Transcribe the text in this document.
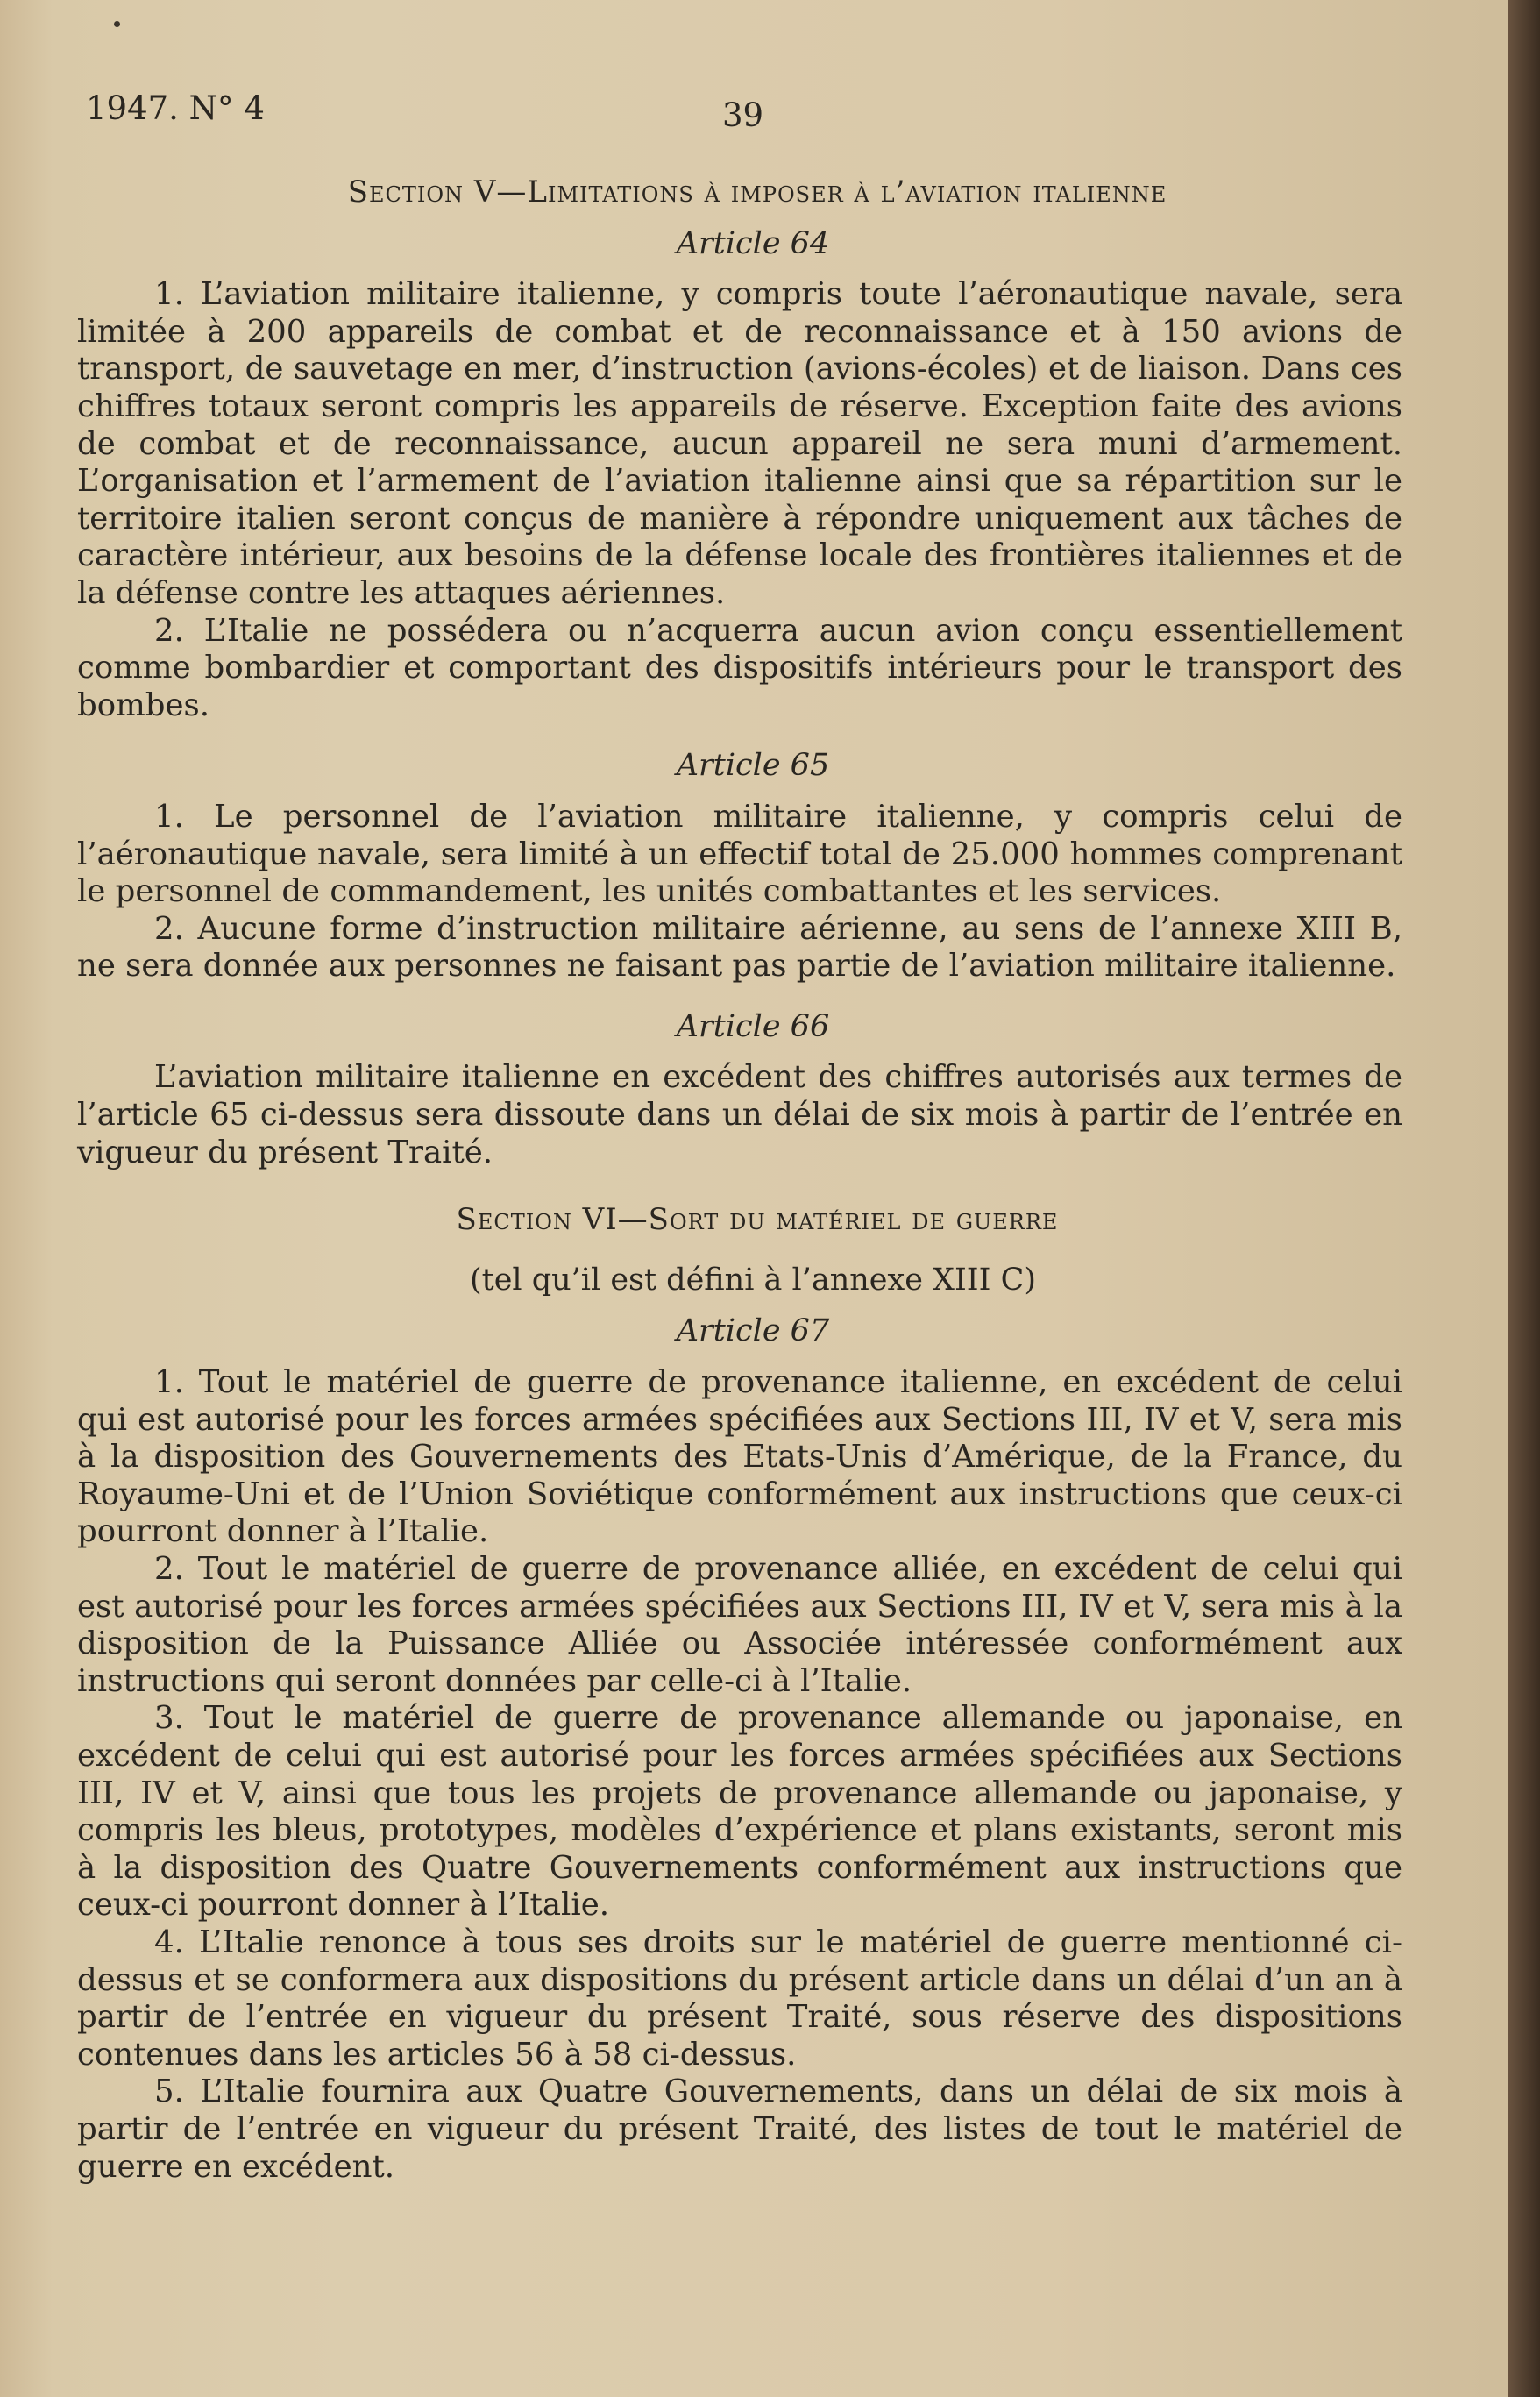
1947. N° 4	39

Section V—Limitations à imposer à l’aviation italienne

Article 64

1. L’aviation militaire italienne, y compris toute l’aéronautique navale, sera limitée à 200 appareils de combat et de reconnaissance et à 150 avions de transport, de sauvetage en mer, d’instruction (avions-écoles) et de liaison. Dans ces chiffres totaux seront compris les appareils de réserve. Exception faite des avions de combat et de reconnaissance, aucun appareil ne sera muni d’armement. L’organisation et l’armement de l’aviation italienne ainsi que sa répartition sur le territoire italien seront conçus de manière à répondre uniquement aux tâches de caractère intérieur, aux besoins de la défense locale des frontières italiennes et de la défense contre les attaques aériennes.

2. L’Italie ne possédera ou n’acquerra aucun avion conçu essentiellement comme bombardier et comportant des dispositifs intérieurs pour le transport des bombes.

Article 65

1. Le personnel de l’aviation militaire italienne, y compris celui de l’aéronautique navale, sera limité à un effectif total de 25.000 hommes comprenant le personnel de commandement, les unités combattantes et les services.

2. Aucune forme d’instruction militaire aérienne, au sens de l’annexe XIII B, ne sera donnée aux personnes ne faisant pas partie de l’aviation militaire italienne.

Article 66

L’aviation militaire italienne en excédent des chiffres autorisés aux termes de l’article 65 ci-dessus sera dissoute dans un délai de six mois à partir de l’entrée en vigueur du présent Traité.

Section VI—Sort du matériel de guerre

(tel qu’il est défini à l’annexe XIII C)

Article 67

1. Tout le matériel de guerre de provenance italienne, en excédent de celui qui est autorisé pour les forces armées spécifiées aux Sections III, IV et V, sera mis à la disposition des Gouvernements des Etats-Unis d’Amérique, de la France, du Royaume-Uni et de l’Union Soviétique conformément aux instructions que ceux-ci pourront donner à l’Italie.

2. Tout le matériel de guerre de provenance alliée, en excédent de celui qui est autorisé pour les forces armées spécifiées aux Sections III, IV et V, sera mis à la disposition de la Puissance Alliée ou Associée intéressée conformément aux instructions qui seront données par celle-ci à l’Italie.

3. Tout le matériel de guerre de provenance allemande ou japonaise, en excédent de celui qui est autorisé pour les forces armées spécifiées aux Sections III, IV et V, ainsi que tous les projets de provenance allemande ou japonaise, y compris les bleus, prototypes, modèles d’expérience et plans existants, seront mis à la disposition des Quatre Gouvernements conformément aux instructions que ceux-ci pourront donner à l’Italie.

4. L’Italie renonce à tous ses droits sur le matériel de guerre mentionné ci-dessus et se conformera aux dispositions du présent article dans un délai d’un an à partir de l’entrée en vigueur du présent Traité, sous réserve des dispositions contenues dans les articles 56 à 58 ci-dessus.

5. L’Italie fournira aux Quatre Gouvernements, dans un délai de six mois à partir de l’entrée en vigueur du présent Traité, des listes de tout le matériel de guerre en excédent.
